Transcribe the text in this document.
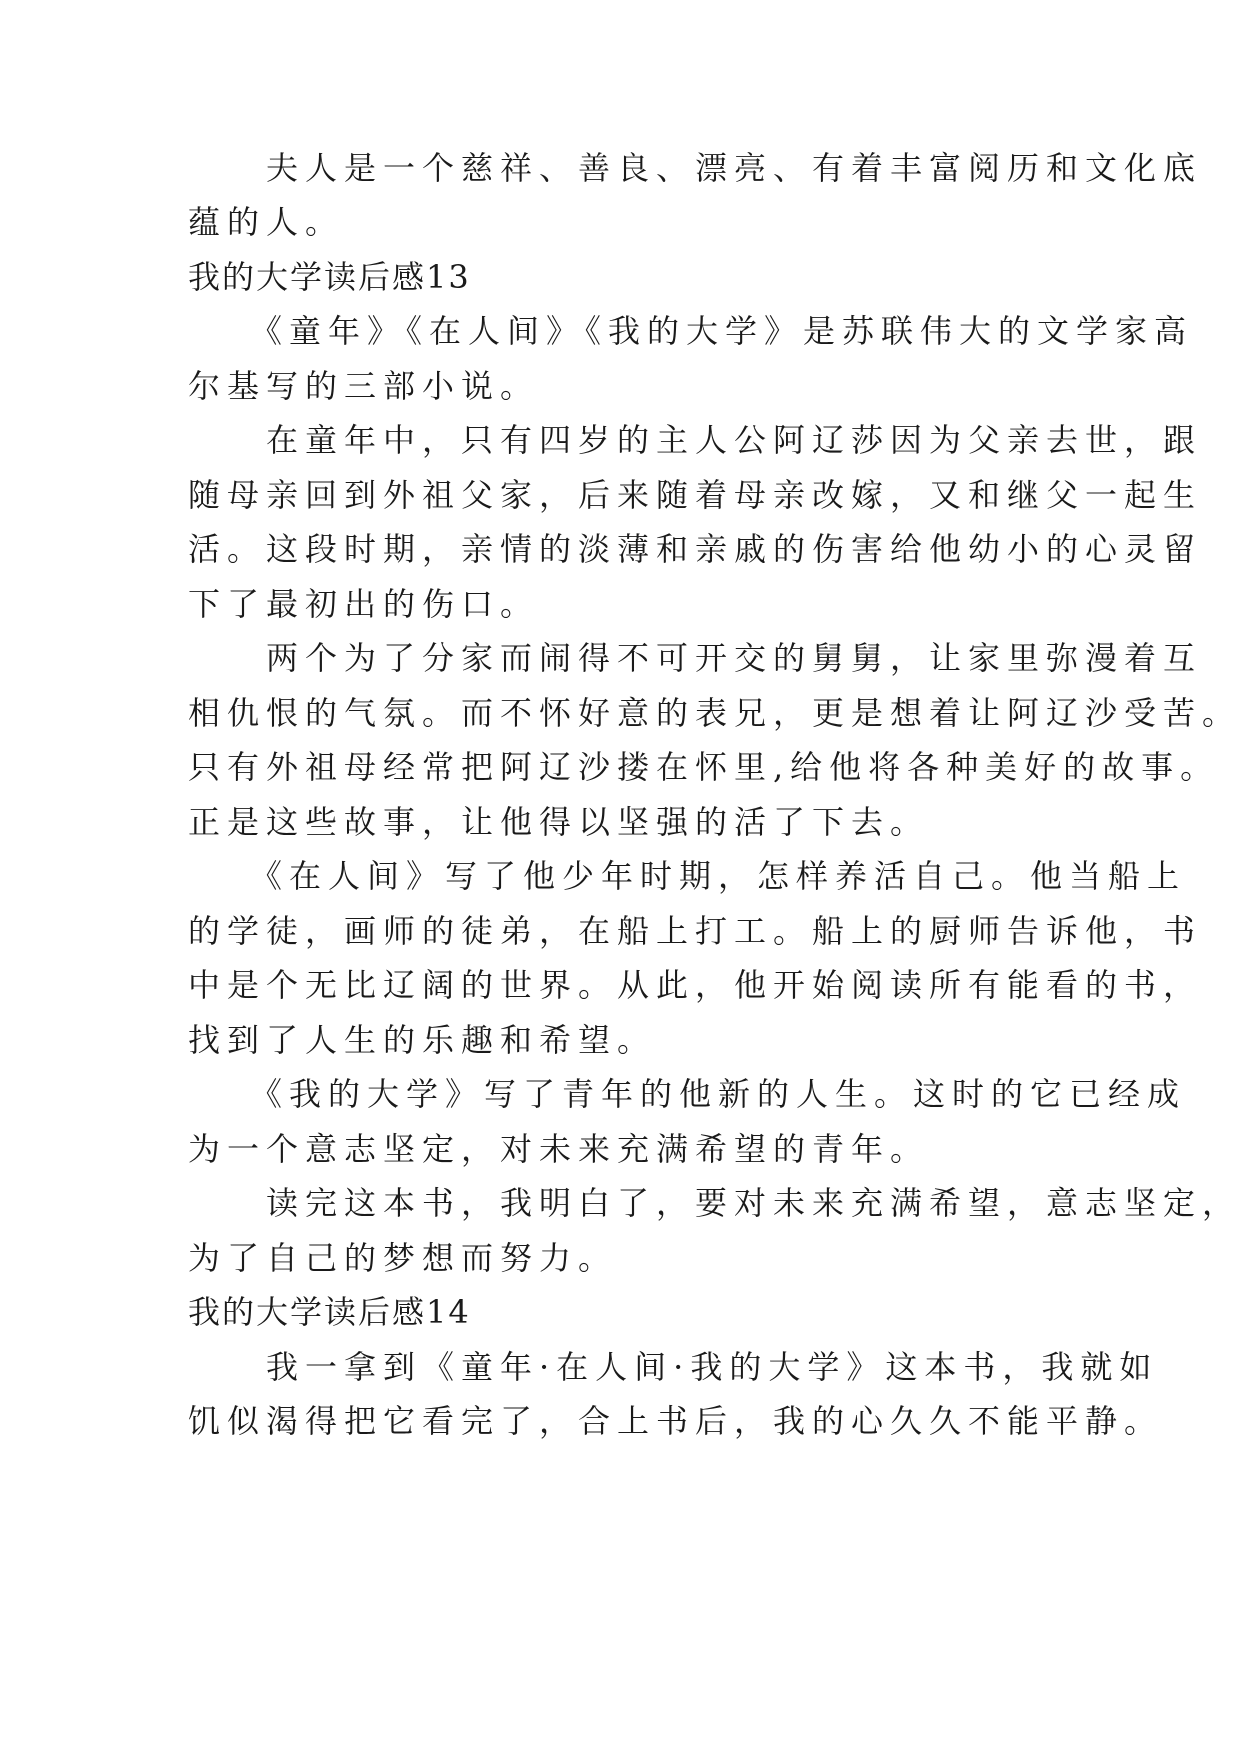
　　夫人是一个慈祥、善良、漂亮、有着丰富阅历和文化底
蕴的人。
我的大学读后感13
　　《童年》《在人间》《我的大学》是苏联伟大的文学家高
尔基写的三部小说。
　　在童年中，只有四岁的主人公阿辽莎因为父亲去世，跟
随母亲回到外祖父家，后来随着母亲改嫁，又和继父一起生
活。这段时期，亲情的淡薄和亲戚的伤害给他幼小的心灵留
下了最初出的伤口。
　　两个为了分家而闹得不可开交的舅舅，让家里弥漫着互
相仇恨的气氛。而不怀好意的表兄，更是想着让阿辽沙受苦。
只有外祖母经常把阿辽沙搂在怀里,给他将各种美好的故事。
正是这些故事，让他得以坚强的活了下去。
　　《在人间》写了他少年时期，怎样养活自己。他当船上
的学徒，画师的徒弟，在船上打工。船上的厨师告诉他，书
中是个无比辽阔的世界。从此，他开始阅读所有能看的书，
找到了人生的乐趣和希望。
　　《我的大学》写了青年的他新的人生。这时的它已经成
为一个意志坚定，对未来充满希望的青年。
　　读完这本书，我明白了，要对未来充满希望，意志坚定，
为了自己的梦想而努力。
我的大学读后感14
　　我一拿到《童年·在人间·我的大学》这本书，我就如
饥似渴得把它看完了，合上书后，我的心久久不能平静。
